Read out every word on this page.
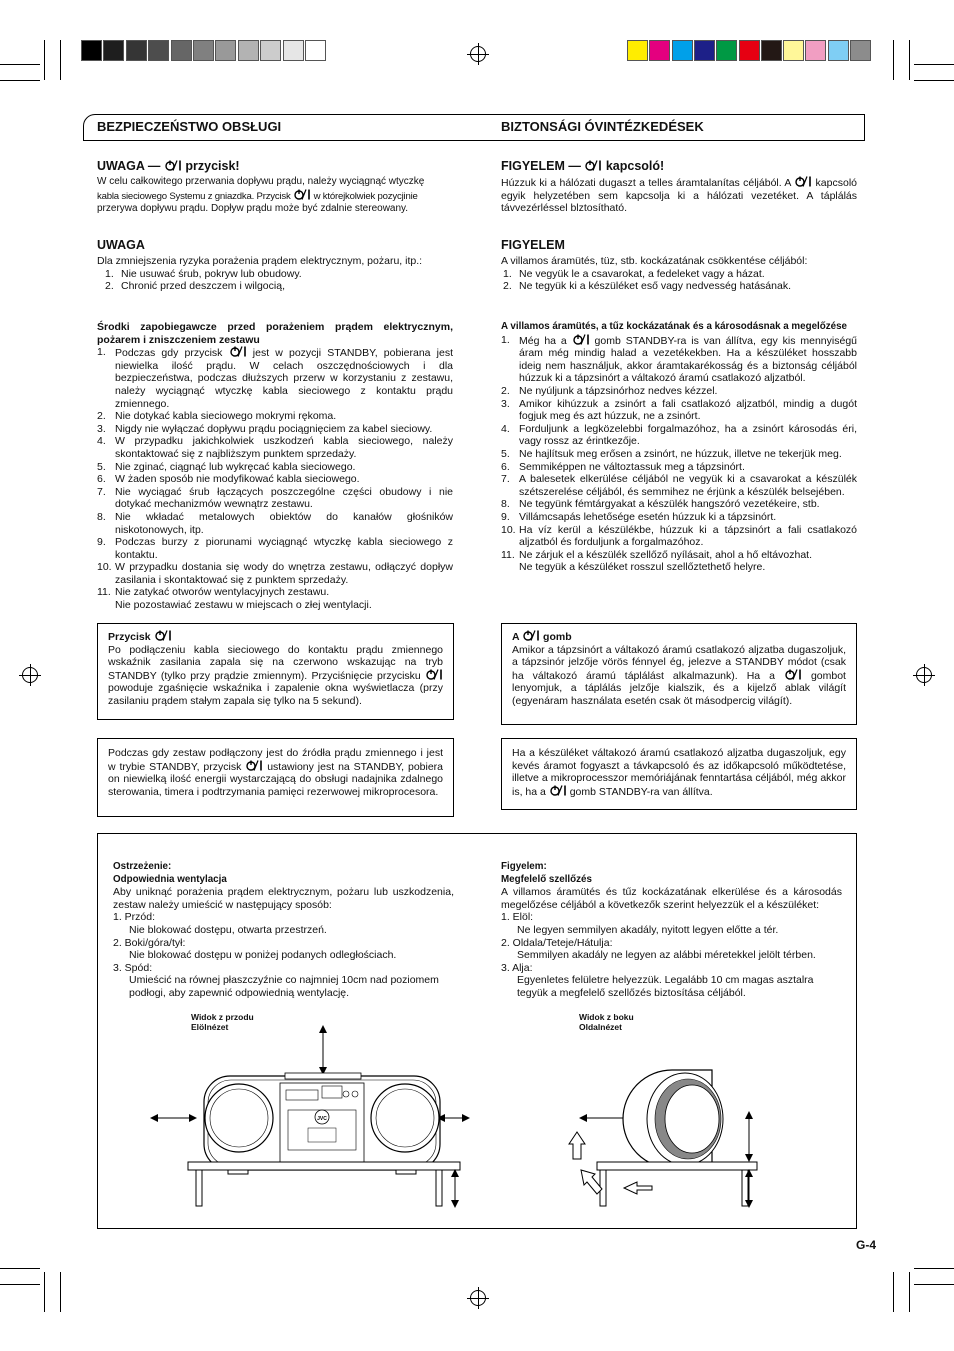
BEZPIECZEŃSTWO OBSŁUGI	BIZTONSÁGI ÓVINTÉZKEDÉSEK

UWAGA — przycisk!

W celu całkowitego przerwania dopływu prądu, należy wyciągnąć wtyczkę

kabla sieciowego Systemu z gniazdka. Przycisk w którejkolwiek pozycjinie

przerywa dopływu prądu. Dopływ prądu może być zdalnie stereowany.

UWAGA

Dla zmniejszenia ryzyka porażenia prądem elektrycznym, pożaru, itp.:

1. Nie usuwać śrub, pokryw lub obudowy.
2. Chronić przed deszczem i wilgocią,

Środki zapobiegawcze przed porażeniem prądem elektrycznym, pożarem i zniszczeniem zestawu

1. Podczas gdy przycisk  jest w pozycji STANDBY, pobierana jest niewielka ilość prądu. W celach oszczędnościowych i dla bezpieczeństwa, podczas dłuższych przerw w korzystaniu z zestawu, należy wyciągnąć wtyczkę kabla sieciowego z kontaktu prądu zmiennego.
2. Nie dotykać kabla sieciowego mokrymi rękoma.
3. Nigdy nie wyłączać dopływu prądu pociągnięciem za kabel sieciowy.
4. W przypadku jakichkolwiek uszkodzeń kabla sieciowego, należy skontaktować się z najbliższym punktem sprzedaży.
5. Nie zginać, ciągnąć lub wykręcać kabla sieciowego.
6. W żaden sposób nie modyfikować kabla sieciowego.
7. Nie wyciągać śrub łączących poszczególne części obudowy i nie dotykać mechanizmów wewnątrz zestawu.
8. Nie wkładać metalowych obiektów do kanałów głośników niskotonowych, itp.
9. Podczas burzy z piorunami wyciągnąć wtyczkę kabla sieciowego z kontaktu.
10. W przypadku dostania się wody do wnętrza zestawu, odłączyć dopływ zasilania i skontaktować się z punktem sprzedaży.
11. Nie zatykać otworów wentylacyjnych zestawu.
Nie pozostawiać zestawu w miejscach o złej wentylacji.

Przycisk

Po podłączeniu kabla sieciowego do kontaktu prądu zmiennego wskaźnik zasilania zapala się na czerwono wskazując na tryb STANDBY (tylko przy prądzie zmiennym). Przyciśnięcie przycisku  powoduje zgaśnięcie wskaźnika i zapalenie okna wyświetlacza (przy zasilaniu prądem stałym zapala się tylko na 5 sekund).

Podczas gdy zestaw podłączony jest do źródła prądu zmiennego i jest w trybie STANDBY, przycisk  ustawiony jest na STANDBY, pobiera on niewielką ilość energii wystarczającą do obsługi nadajnika zdalnego sterowania, timera i podtrzymania pamięci rezerwowej mikroprocesora.

FIGYELEM — kapcsoló!

Húzzuk ki a hálózati dugaszt a telles áramtalanítas céljából. A  kapcsoló egyik helyzetében sem kapcsolja ki a hálózati vezetéket. A táplálás távvezérléssel blztosítható.

FIGYELEM

A villamos áramütés, tüz, stb. kockázatának csökkentése céljából:

1. Ne vegyük le a csavarokat, a fedeleket vagy a házat.
2. Ne tegyük ki a készüléket eső vagy nedvesség hatásának.

A villamos áramütés, a tűz kockázatának és a károsodásnak a megelőzése

1. Még ha a  gomb STANDBY-ra is van állítva, egy kis mennyiségű áram még mindig halad a vezetékekben. Ha a készüléket hosszabb ideig nem használjuk, akkor áramtakarékosság és a biztonság céljából húzzuk ki a tápzsinórt a váltakozó áramú csatlakozó aljzatból.
2. Ne nyúljunk a tápzsinórhoz nedves kézzel.
3. Amikor kihúzzuk a zsinórt a fali csatlakozó aljzatból, mindig a dugót fogjuk meg és azt húzzuk, ne a zsinórt.
4. Forduljunk a legközelebbi forgalmazóhoz, ha a zsinórt károsodás éri, vagy rossz az érintkezője.
5. Ne hajlítsuk meg erősen a zsinórt, ne húzzuk, illetve ne tekerjük meg.
6. Semmiképpen ne változtassuk meg a tápzsinórt.
7. A balesetek elkerülése céljából ne vegyük ki a csavarokat a készülék szétszerelése céljából, és semmihez ne érjünk a készülék belsejében.
8. Ne tegyünk fémtárgyakat a készülék hangszóró vezetékeire, stb.
9. Villámcsapás lehetősége esetén húzzuk ki a tápzsinórt.
10. Ha víz kerül a készülékbe, húzzuk ki a tápzsinórt a fali csatlakozó aljzatból és forduljunk a forgalmazóhoz.
11. Ne zárjuk el a készülék szellőző nyílásait, ahol a hő eltávozhat.
Ne tegyük a készüléket rosszul szellőztethető helyre.

A gomb

Amikor a tápzsinórt a váltakozó áramú csatlakozó aljzatba dugaszoljuk, a tápzsinór jelzője vörös fénnyel ég, jelezve a STANDBY módot (csak ha váltakozó áramú táplálást alkalmazunk). Ha a  gombot lenyomjuk, a táplálás jelzője kialszik, és a kijelző ablak világít (egyenáram használata esetén csak öt másodpercig világít).

Ha a készüléket váltakozó áramú csatlakozó aljzatba dugaszoljuk, egy kevés áramot fogyaszt a távkapcsoló és az időkapcsoló működtetése, illetve a mikroprocesszor memóriájának fenntartása céljából, még akkor is, ha a  gomb STANDBY-ra van állítva.

Ostrzeżenie:

Odpowiednia wentylacja

Aby uniknąć porażenia prądem elektrycznym, pożaru lub uszkodzenia, zestaw należy umieścić w następujący sposób:

1. Przód:

Nie blokować dostępu, otwarta przestrzeń.

2. Boki/góra/tył:

Nie blokować dostępu w poniżej podanych odległościach.

3. Spód:

Umieścić na równej płaszczyźnie co najmniej 10cm nad poziomem podłogi, aby zapewnić odpowiednią wentylację.

Figyelem:

Megfelelő szellőzés

A villamos áramütés és tűz kockázatának elkerülése és a károsodás megelőzése céljából a következők szerint helyezzük el a készüléket:

1. Elöl:

Ne legyen semmilyen akadály, nyitott legyen előtte a tér.

2. Oldala/Teteje/Hátulja:

Semmilyen akadály ne legyen az alábbi méretekkel jelölt térben.

3. Alja:

Egyenletes felületre helyezzük. Legalább 10 cm magas asztalra tegyük a megfelelő szellőzés biztosítása céljából.

Widok z przodu
Elölnézet
Widok z boku
Oldalnézet
JVC
G-4
